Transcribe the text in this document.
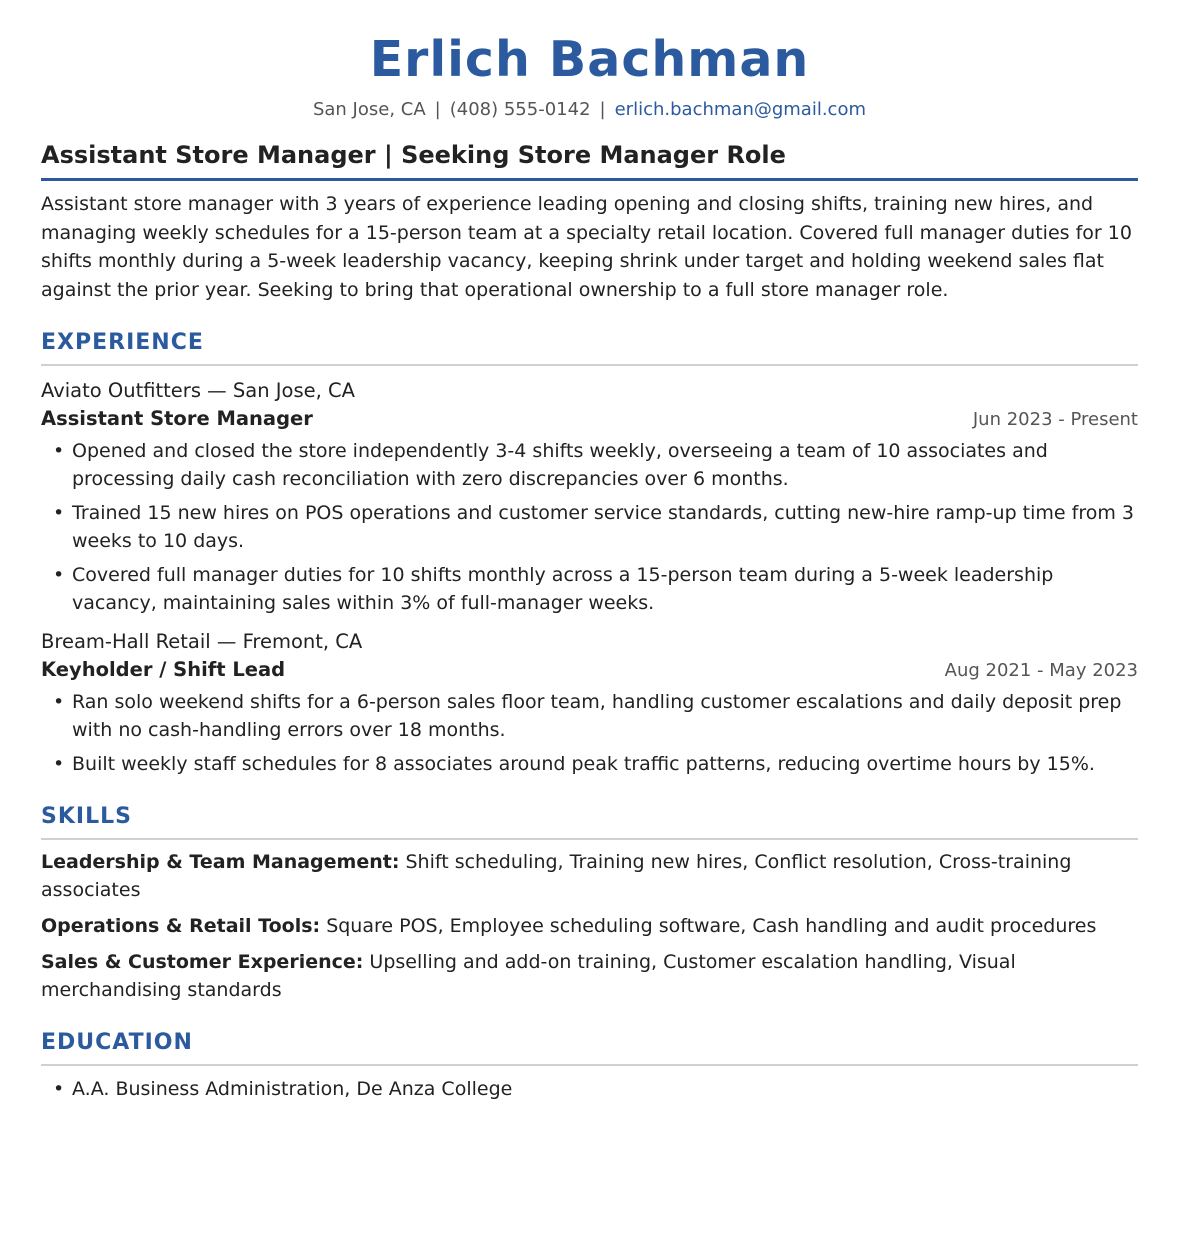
Erlich Bachman
San Jose, CA | (408) 555-0142 | erlich.bachman@gmail.com
Assistant Store Manager | Seeking Store Manager Role
Assistant store manager with 3 years of experience leading opening and closing shifts, training new hires, and managing weekly schedules for a 15-person team at a specialty retail location. Covered full manager duties for 10 shifts monthly during a 5-week leadership vacancy, keeping shrink under target and holding weekend sales flat against the prior year. Seeking to bring that operational ownership to a full store manager role.
EXPERIENCE
Aviato Outfitters — San Jose, CA
Assistant Store Manager	Jun 2023 - Present
• Opened and closed the store independently 3-4 shifts weekly, overseeing a team of 10 associates and processing daily cash reconciliation with zero discrepancies over 6 months.
• Trained 15 new hires on POS operations and customer service standards, cutting new-hire ramp-up time from 3 weeks to 10 days.
• Covered full manager duties for 10 shifts monthly across a 15-person team during a 5-week leadership vacancy, maintaining sales within 3% of full-manager weeks.
Bream-Hall Retail — Fremont, CA
Keyholder / Shift Lead	Aug 2021 - May 2023
• Ran solo weekend shifts for a 6-person sales floor team, handling customer escalations and daily deposit prep with no cash-handling errors over 18 months.
• Built weekly staff schedules for 8 associates around peak traffic patterns, reducing overtime hours by 15%.
SKILLS
Leadership & Team Management: Shift scheduling, Training new hires, Conflict resolution, Cross-training associates
Operations & Retail Tools: Square POS, Employee scheduling software, Cash handling and audit procedures
Sales & Customer Experience: Upselling and add-on training, Customer escalation handling, Visual merchandising standards
EDUCATION
• A.A. Business Administration, De Anza College
